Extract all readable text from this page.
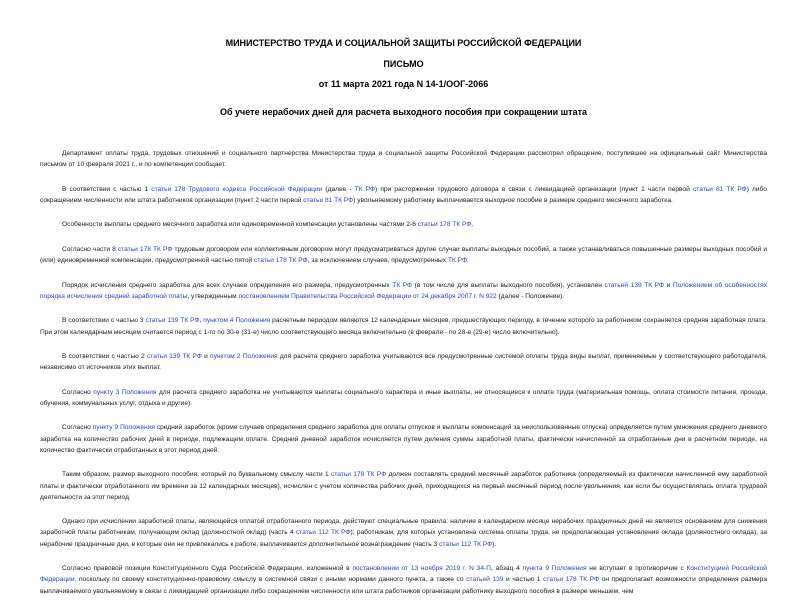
МИНИСТЕРСТВО ТРУДА И СОЦИАЛЬНОЙ ЗАЩИТЫ РОССИЙСКОЙ ФЕДЕРАЦИИ
ПИСЬМО
от 11 марта 2021 года N 14-1/ООГ-2066
Об учете нерабочих дней для расчета выходного пособия при сокращении штата

Департамент оплаты труда, трудовых отношений и социального партнерства Министерства труда и социальной защиты Российской Федерации рассмотрел обращение, поступившее на официальный сайт Министерства письмом от 10 февраля 2021 г., и по компетенции сообщает.

В соответствии с частью 1 статьи 178 Трудового кодекса Российской Федерации (далее - ТК РФ) при расторжении трудового договора в связи с ликвидацией организации (пункт 1 части первой статьи 81 ТК РФ) либо сокращением численности или штата работников организации (пункт 2 части первой статьи 81 ТК РФ) увольняемому работнику выплачивается выходное пособие в размере среднего месячного заработка.

Особенности выплаты среднего месячного заработка или единовременной компенсации установлены частями 2-6 статьи 178 ТК РФ.

Согласно части 8 статьи 178 ТК РФ трудовым договором или коллективным договором могут предусматриваться другие случаи выплаты выходных пособий, а также устанавливаться повышенные размеры выходных пособий и (или) единовременной компенсации, предусмотренной частью пятой статьи 178 ТК РФ, за исключением случаев, предусмотренных ТК РФ.

Порядок исчисления среднего заработка для всех случаев определения его размера, предусмотренных ТК РФ (в том числе для выплаты выходного пособия), установлен статьей 139 ТК РФ и Положением об особенностях порядка исчисления средней заработной платы, утвержденным постановлением Правительства Российской Федерации от 24 декабря 2007 г. N 922 (далее - Положение).

В соответствии с частью 3 статьи 139 ТК РФ, пунктом 4 Положения расчетным периодом являются 12 календарных месяцев, предшествующих периоду, в течение которого за работником сохраняется средняя заработная плата. При этом календарным месяцем считается период с 1-го по 30-е (31-е) число соответствующего месяца включительно (в феврале - по 28-е (29-е) число включительно).

В соответствии с частью 2 статьи 139 ТК РФ и пунктом 2 Положения для расчета среднего заработка учитываются все предусмотренные системой оплаты труда виды выплат, применяемые у соответствующего работодателя, независимо от источников этих выплат.

Согласно пункту 3 Положения для расчета среднего заработка не учитываются выплаты социального характера и иные выплаты, не относящиеся к оплате труда (материальная помощь, оплата стоимости питания, проезда, обучения, коммунальных услуг, отдыха и другие).

Согласно пункту 9 Положения средний заработок (кроме случаев определения среднего заработка для оплаты отпусков и выплаты компенсаций за неиспользованные отпуска) определяется путем умножения среднего дневного заработка на количество рабочих дней в периоде, подлежащем оплате. Средний дневной заработок исчисляется путем деления суммы заработной платы, фактически начисленной за отработанные дни в расчетном периоде, на количество фактически отработанных в этот период дней.

Таким образом, размер выходного пособия, который по буквальному смыслу части 1 статьи 178 ТК РФ должен составлять средний месячный заработок работника (определяемый из фактически начисленной ему заработной платы и фактически отработанного им времени за 12 календарных месяцев), исчислен с учетом количества рабочих дней, приходящихся на первый месячный период после увольнения, как если бы осуществлялась оплата трудовой деятельности за этот период.

Однако при исчислении заработной платы, являющейся оплатой отработанного периода, действуют специальные правила: наличие в календарном месяце нерабочих праздничных дней не является основанием для снижения заработной платы работникам, получающим оклад (должностной оклад) (часть 4 статьи 112 ТК РФ); работникам, для которых установлена система оплаты труда, не предполагающая установление оклада (должностного оклада), за нерабочие праздничные дни, в которые они не привлекались к работе, выплачивается дополнительное вознаграждение (часть 3 статьи 112 ТК РФ).

Согласно правовой позиции Конституционного Суда Российской Федерации, изложенной в постановлении от 13 ноября 2019 г. N 34-П, абзац 4 пункта 9 Положения не вступает в противоречие с Конституцией Российской Федерации, поскольку по своему конституционно-правовому смыслу в системной связи с иными нормами данного пункта, а также со статьей 139 и частью 1 статьи 178 ТК РФ он предполагает возможности определения размера выплачиваемого увольняемому в связи с ликвидацией организации либо сокращением численности или штата работников организации работнику выходного пособия в размере меньшем, чем
